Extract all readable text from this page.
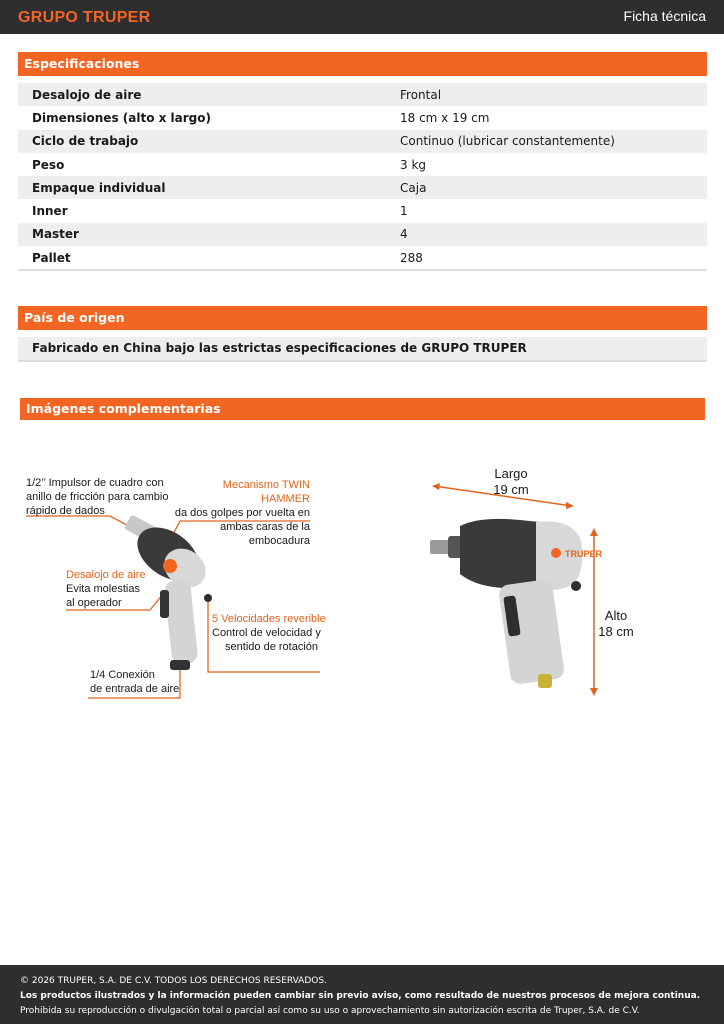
GRUPO TRUPER	Ficha técnica
Especificaciones
Desalojo de aire	Frontal
Dimensiones (alto x largo)	18 cm x 19 cm
Ciclo de trabajo	Continuo (lubricar constantemente)
Peso	3 kg
Empaque individual	Caja
Inner	1
Master	4
Pallet	288
País de origen
Fabricado en China bajo las estrictas especificaciones de GRUPO TRUPER
Imágenes complementarias
1/2’’ Impulsor de cuadro con
anillo de fricción para cambio
rápido de dados
Mecanismo TWIN HAMMER
da dos golpes por vuelta en
ambas caras de la embocadura
Desalojo de aire
Evita molestias
al operador
5 Velocidades reverible
Control de velocidad y
sentido de rotación
1/4 Conexión
de entrada de aire
TRUPER
Largo
19 cm
Alto
18 cm
© 2026 TRUPER, S.A. DE C.V. TODOS LOS DERECHOS RESERVADOS.
Los productos ilustrados y la información pueden cambiar sin previo aviso, como resultado de nuestros procesos de mejora continua.
Prohibida su reproducción o divulgación total o parcial así como su uso o aprovechamiento sin autorización escrita de Truper, S.A. de C.V.
